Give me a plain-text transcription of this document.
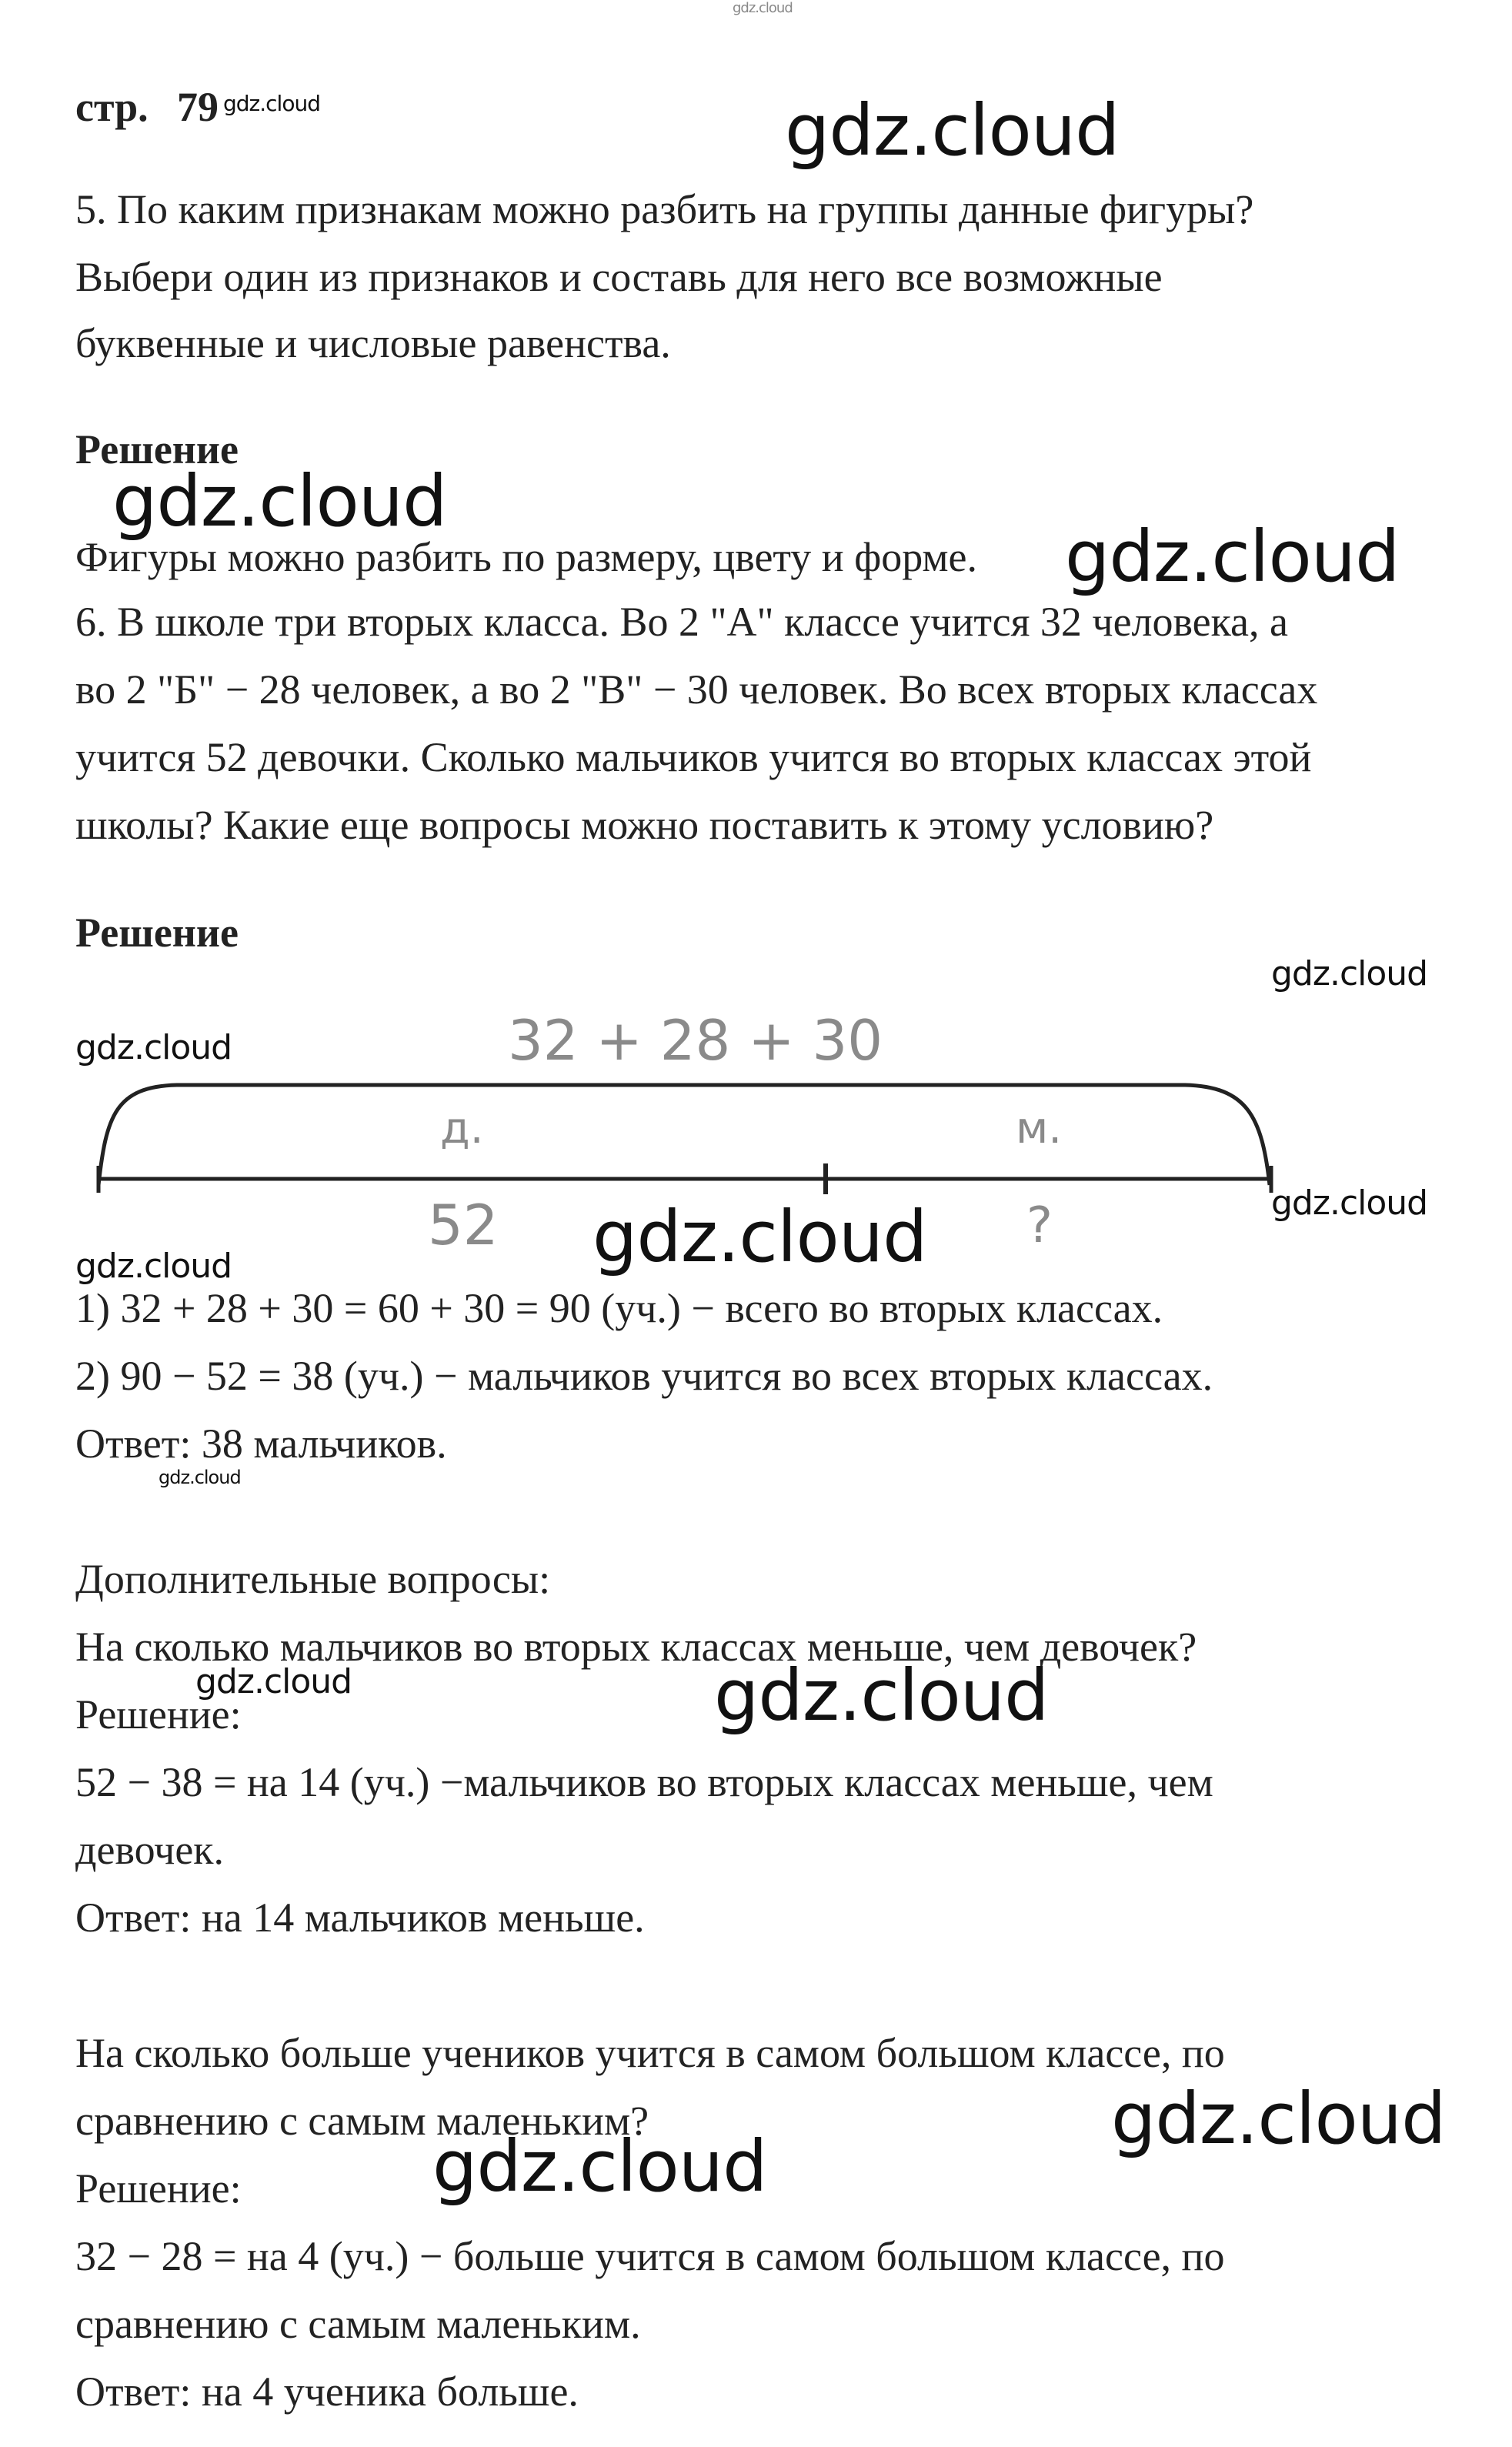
gdz.cloud
стр. 79 gdz.cloud	gdz.cloud
5. По каким признакам можно разбить на группы данные фигуры?
Выбери один из признаков и составь для него все возможные
буквенные и числовые равенства.
Решение
gdz.cloud
Фигуры можно разбить по размеру, цвету и форме. gdz.cloud
6. В школе три вторых класса. Во 2 "А" классе учится 32 человека, а
во 2 "Б" − 28 человек, а во 2 "В" − 30 человек. Во всех вторых классах
учится 52 девочки. Сколько мальчиков учится во вторых классах этой
школы? Какие еще вопросы можно поставить к этому условию?
Решение
gdz.cloud
gdz.cloud	32 + 28 + 30
д.	м.
52	?	gdz.cloud
gdz.cloud
gdz.cloud
1) 32 + 28 + 30 = 60 + 30 = 90 (уч.) − всего во вторых классах.
2) 90 − 52 = 38 (уч.) − мальчиков учится во всех вторых классах.
Ответ: 38 мальчиков.
gdz.cloud
Дополнительные вопросы:
На сколько мальчиков во вторых классах меньше, чем девочек?
gdz.cloud
Решение:	gdz.cloud
52 − 38 = на 14 (уч.) −мальчиков во вторых классах меньше, чем
девочек.
Ответ: на 14 мальчиков меньше.
На сколько больше учеников учится в самом большом классе, по
сравнению с самым маленьким?	gdz.cloud
Решение:	gdz.cloud
32 − 28 = на 4 (уч.) − больше учится в самом большом классе, по
сравнению с самым маленьким.
Ответ: на 4 ученика больше.
